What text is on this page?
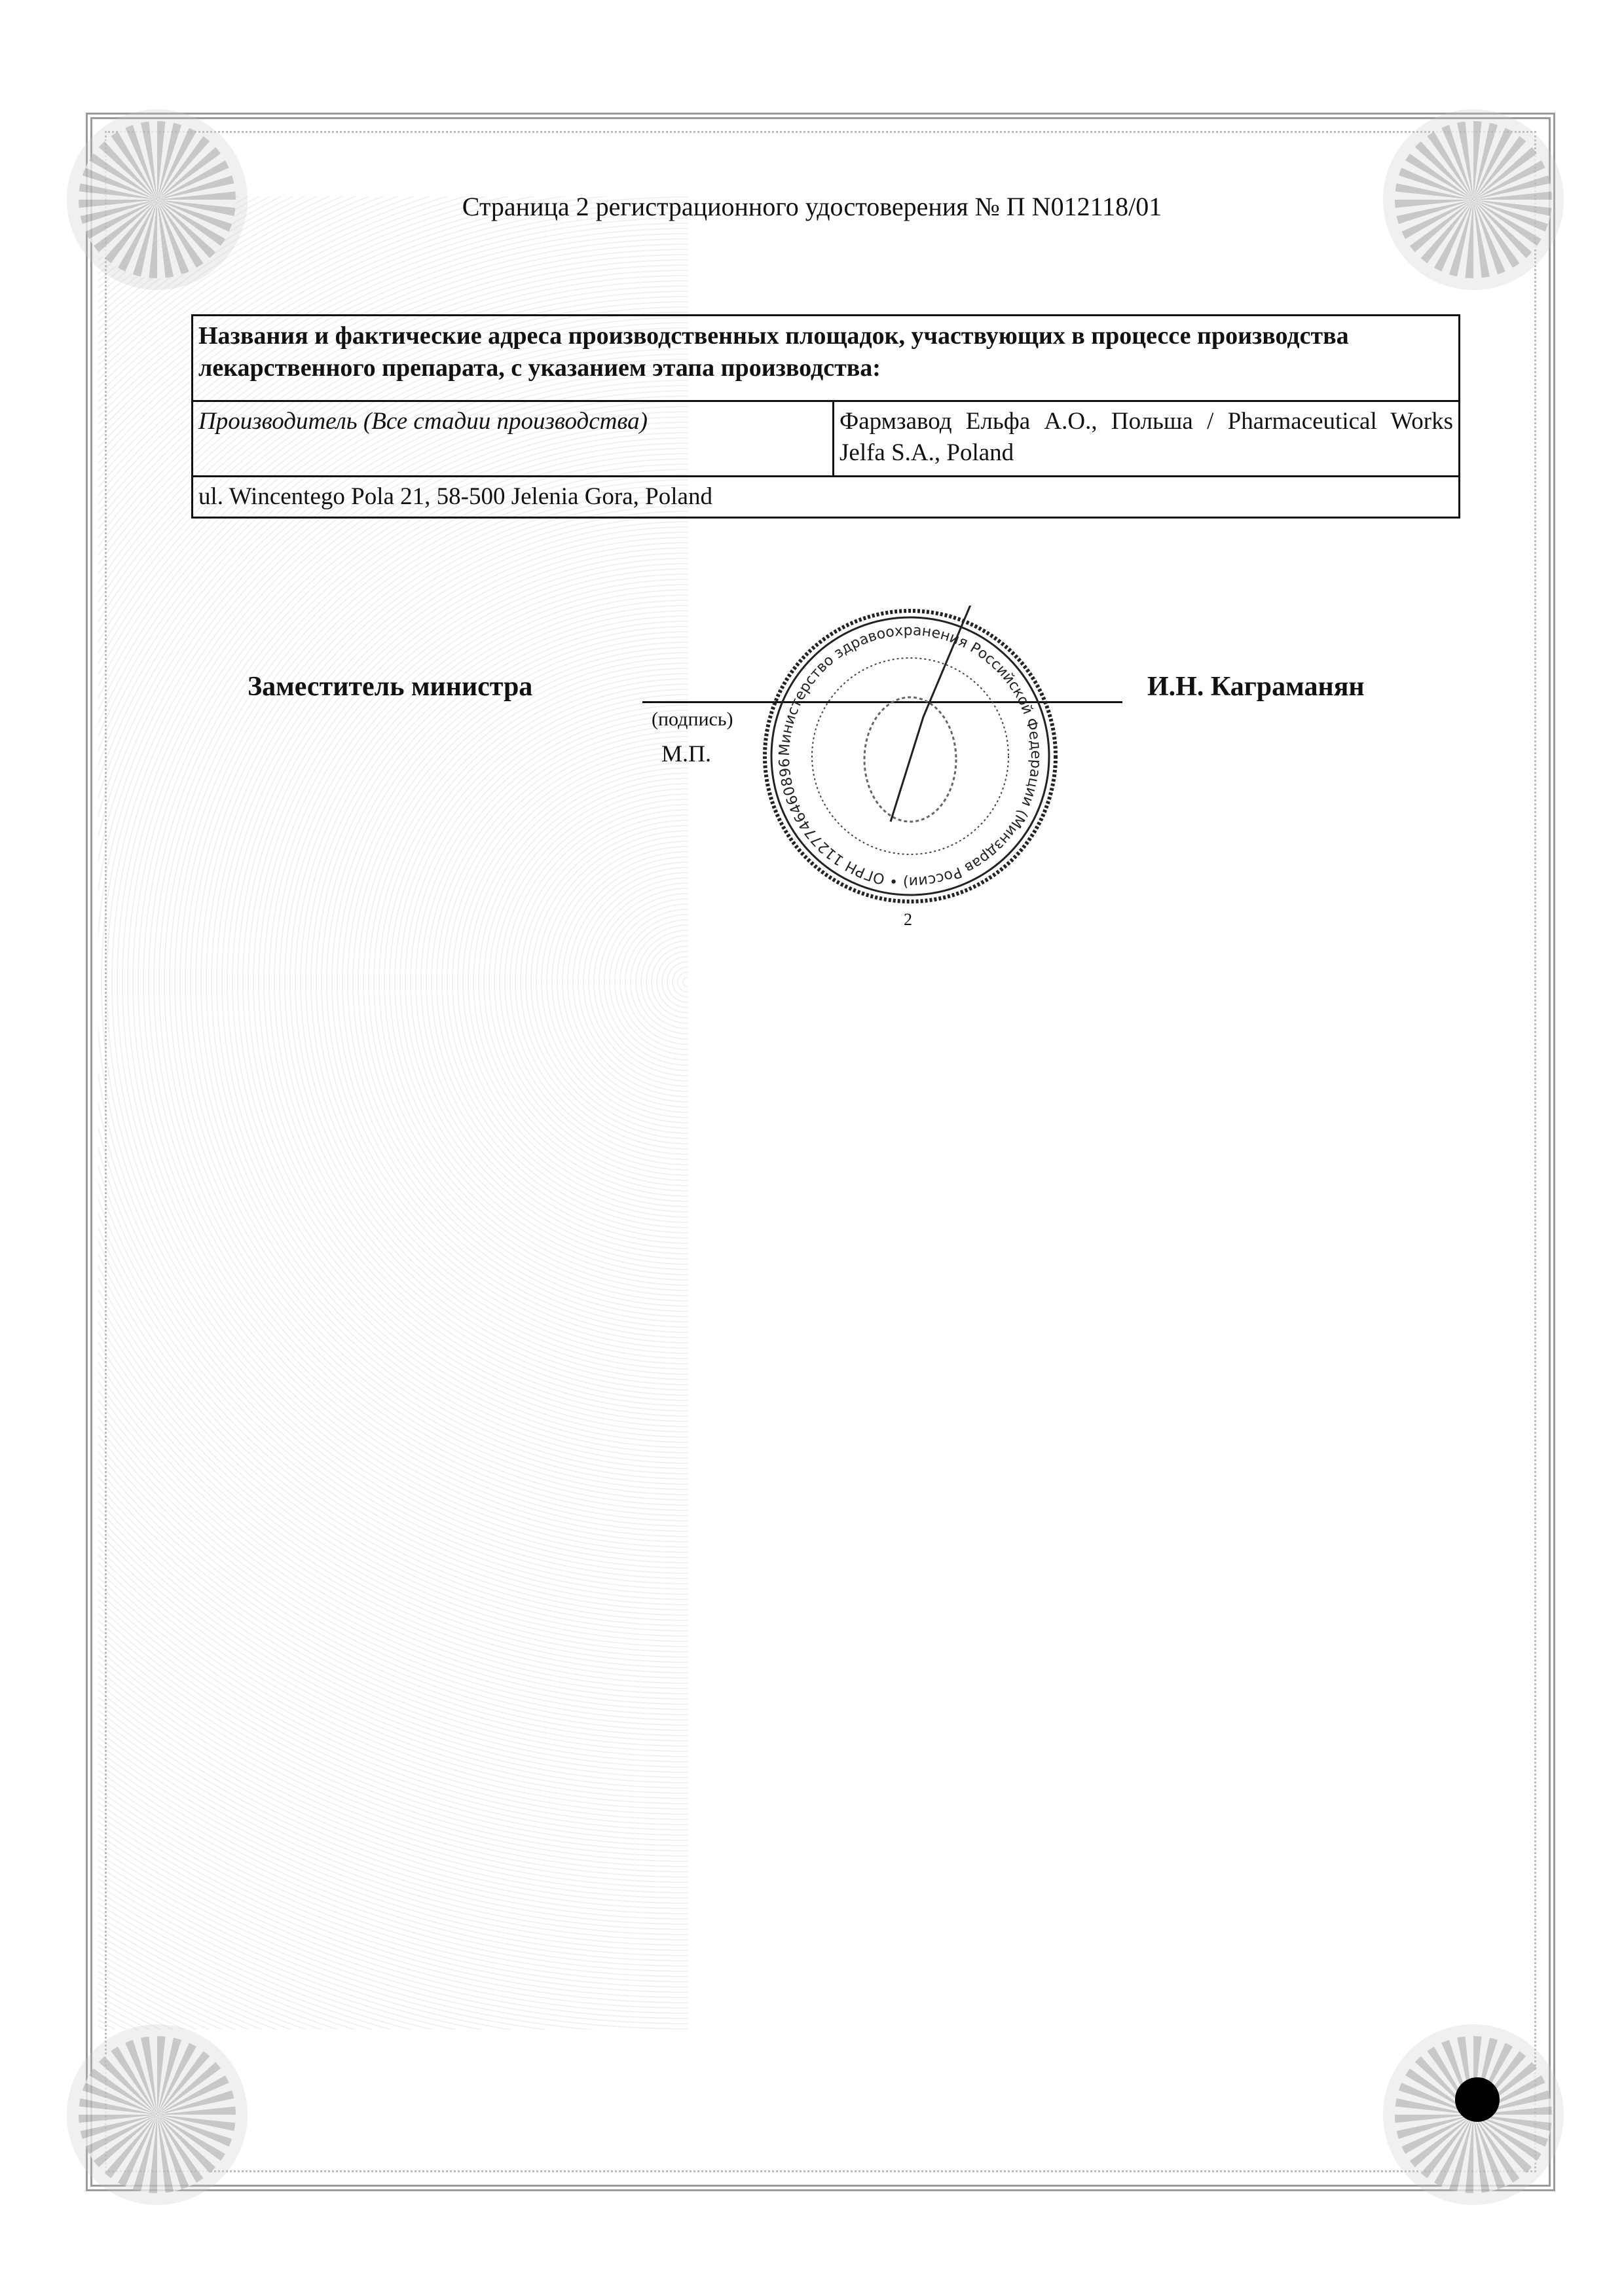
Страница 2 регистрационного удостоверения № П N012118/01
Названия и фактические адреса производственных площадок, участвующих в процессе производства лекарственного препарата, с указанием этапа производства:
Производитель (Все стадии производства)	Фармзавод Ельфа А.О., Польша / Pharmaceutical Works Jelfa S.A., Poland
ul. Wincentego Pola 21, 58-500 Jelenia Gora, Poland
Заместитель министра	И.Н. Каграманян
Министерство здравоохранения Российской Федерации (Минздрав России) • ОГРН 1127746460896
2
(подпись)
М.П.
